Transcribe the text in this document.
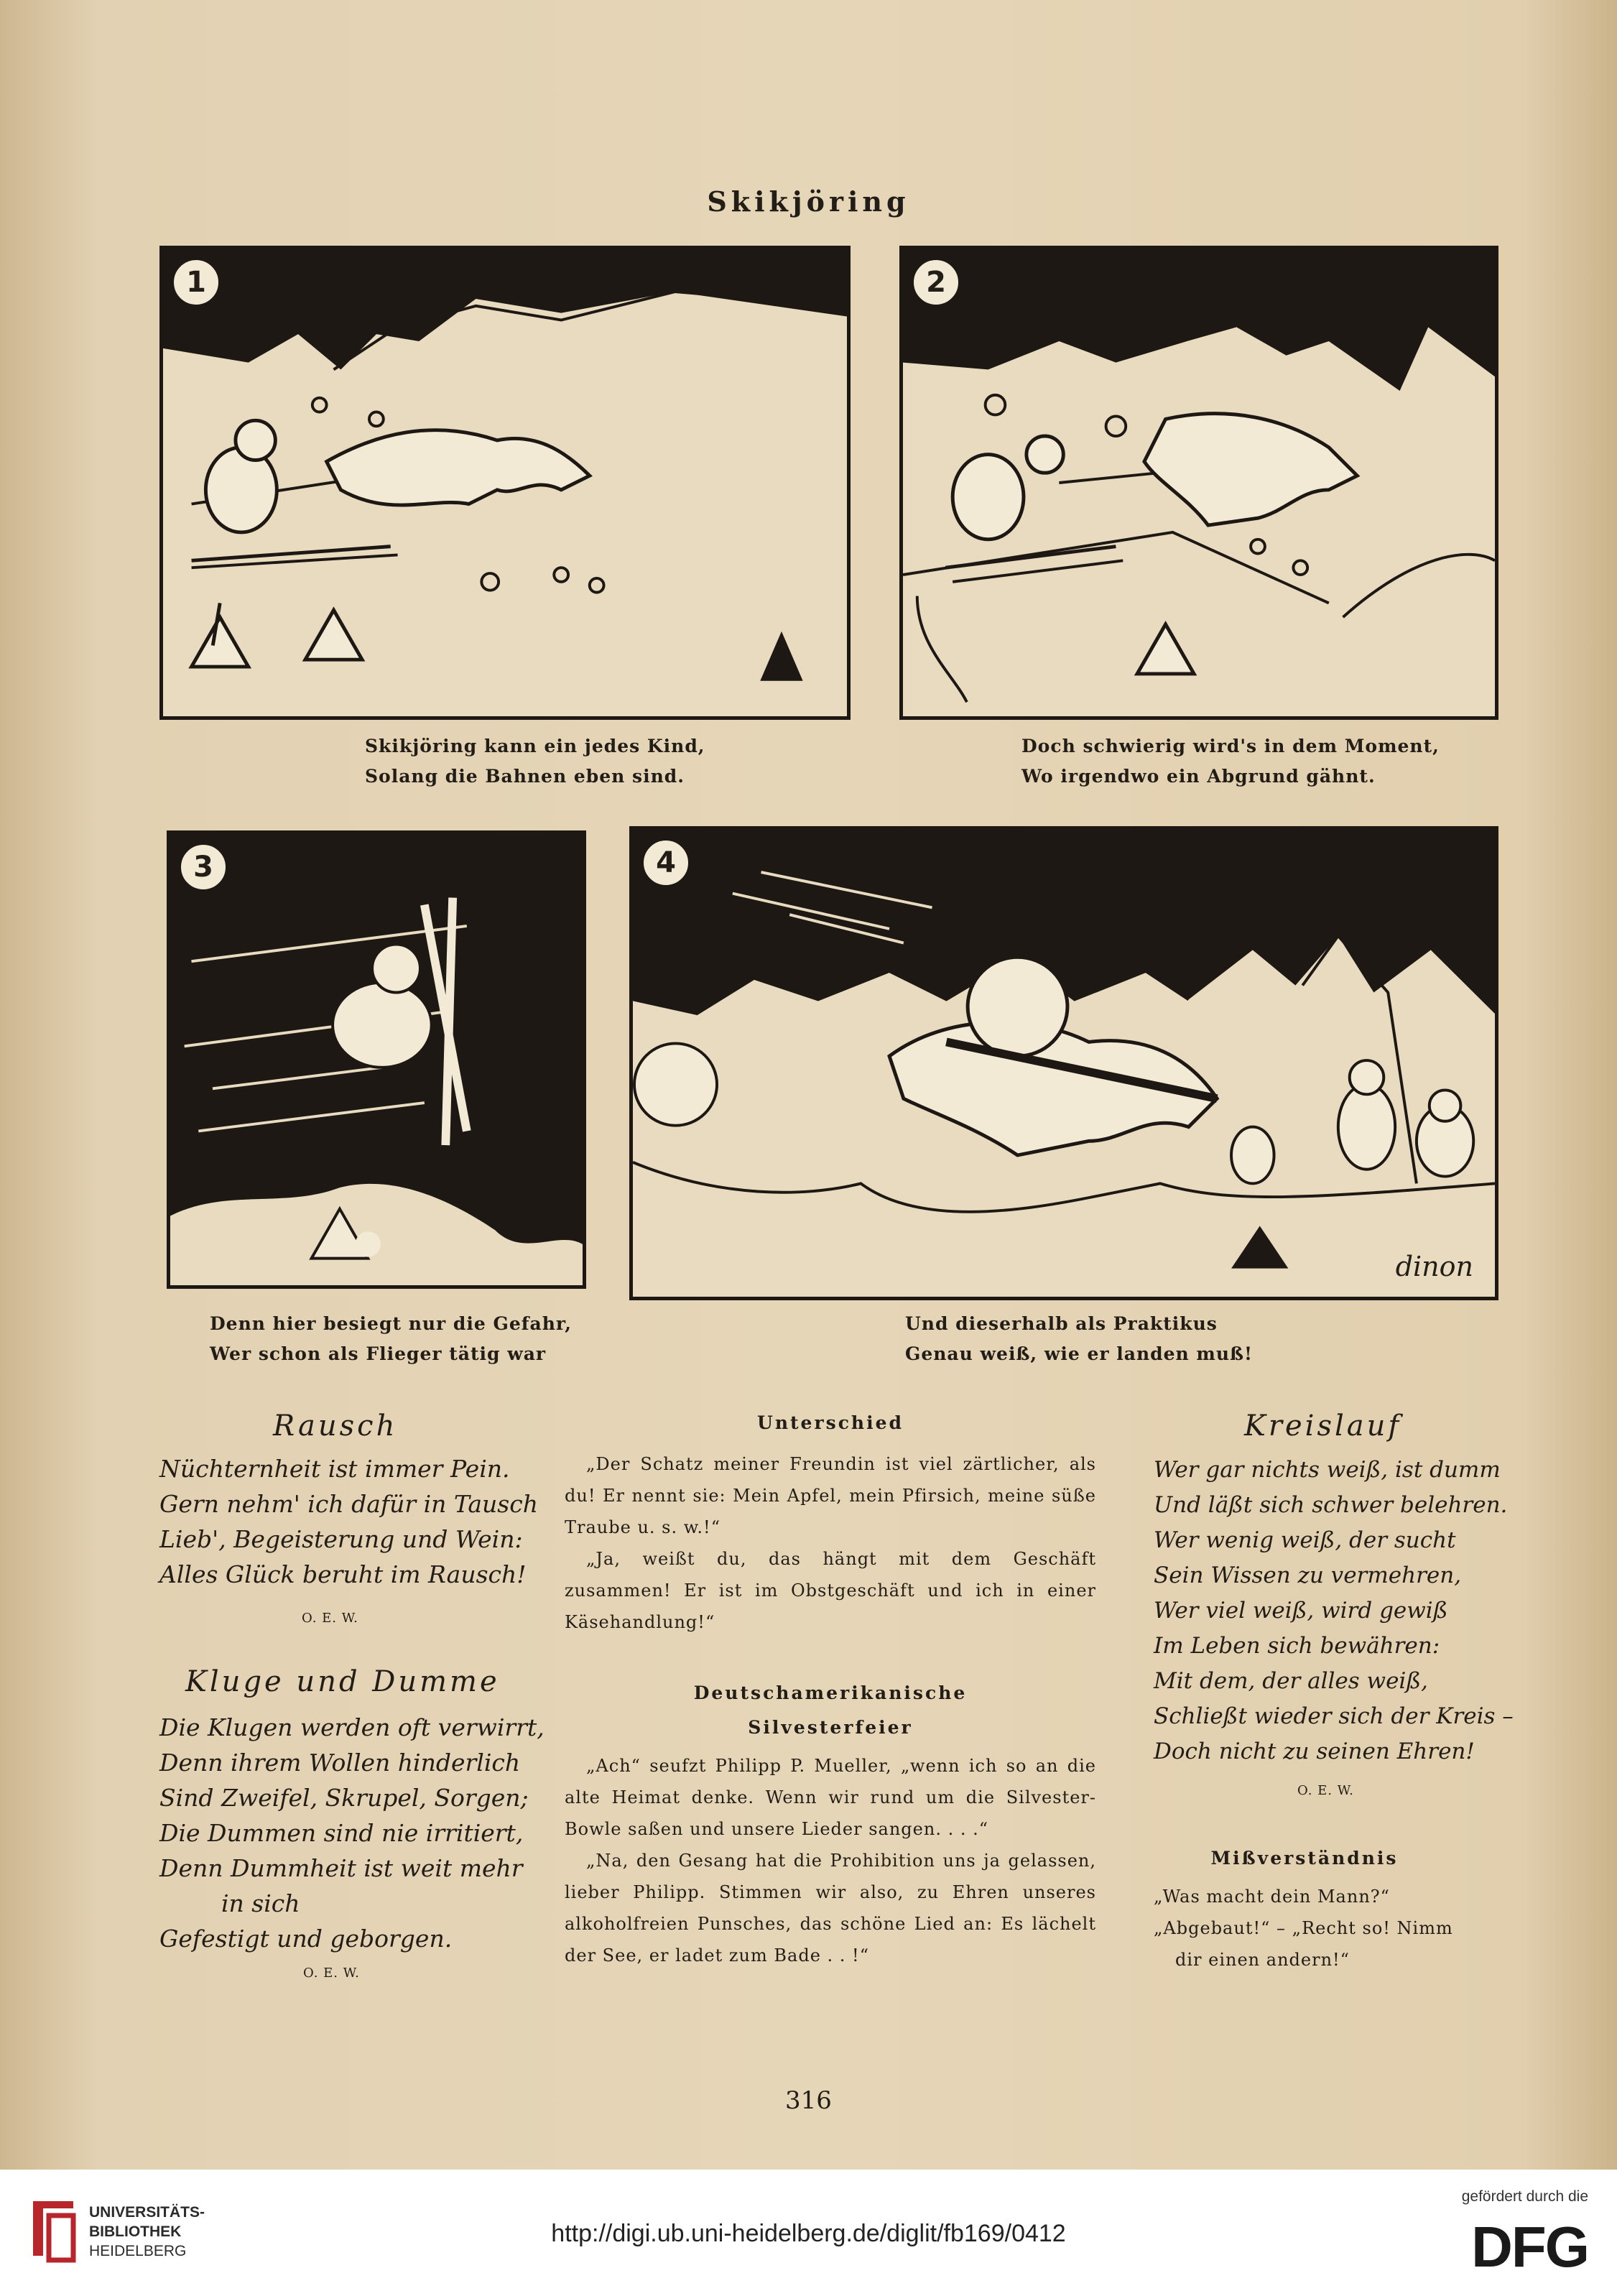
Skikjöring
1	2
Skikjöring kann ein jedes Kind,
Solang die Bahnen eben sind.
Doch schwierig wird's in dem Moment,
Wo irgendwo ein Abgrund gähnt.
3	4
dinon
Denn hier besiegt nur die Gefahr,
Wer schon als Flieger tätig war
Und dieserhalb als Praktikus
Genau weiß, wie er landen muß!
Rausch
Nüchternheit ist immer Pein.
Gern nehm' ich dafür in Tausch
Lieb', Begeisterung und Wein:
Alles Glück beruht im Rausch!
O. E. W.
Kluge und Dumme
Die Klugen werden oft verwirrt,
Denn ihrem Wollen hinderlich
Sind Zweifel, Skrupel, Sorgen;
Die Dummen sind nie irritiert,
Denn Dummheit ist weit mehr
in sich
Gefestigt und geborgen.
O. E. W.
Unterschied

„Der Schatz meiner Freundin ist viel zärtlicher, als du! Er nennt sie: Mein Apfel, mein Pfirsich, meine süße Traube u. s. w.!“

„Ja, weißt du, das hängt mit dem Geschäft zusammen! Er ist im Obstgeschäft und ich in einer Käsehandlung!“

Deutschamerikanische
Silvesterfeier

„Ach“ seufzt Philipp P. Mueller, „wenn ich so an die alte Heimat denke. Wenn wir rund um die Silvester-Bowle saßen und unsere Lieder sangen. . . .“

„Na, den Gesang hat die Prohibition uns ja gelassen, lieber Philipp. Stimmen wir also, zu Ehren unseres alkoholfreien Punsches, das schöne Lied an: Es lächelt der See, er ladet zum Bade . . !“

Kreislauf
Wer gar nichts weiß, ist dumm
Und läßt sich schwer belehren.
Wer wenig weiß, der sucht
Sein Wissen zu vermehren,
Wer viel weiß, wird gewiß
Im Leben sich bewähren:
Mit dem, der alles weiß,
Schließt wieder sich der Kreis –
Doch nicht zu seinen Ehren!
O. E. W.
Mißverständnis
„Was macht dein Mann?“
„Abgebaut!“ – „Recht so! Nimm
dir einen andern!“
316
UNIVERSITÄTS-
BIBLIOTHEK
HEIDELBERG
http://digi.ub.uni-heidelberg.de/diglit/fb169/0412
gefördert durch die
DFG
